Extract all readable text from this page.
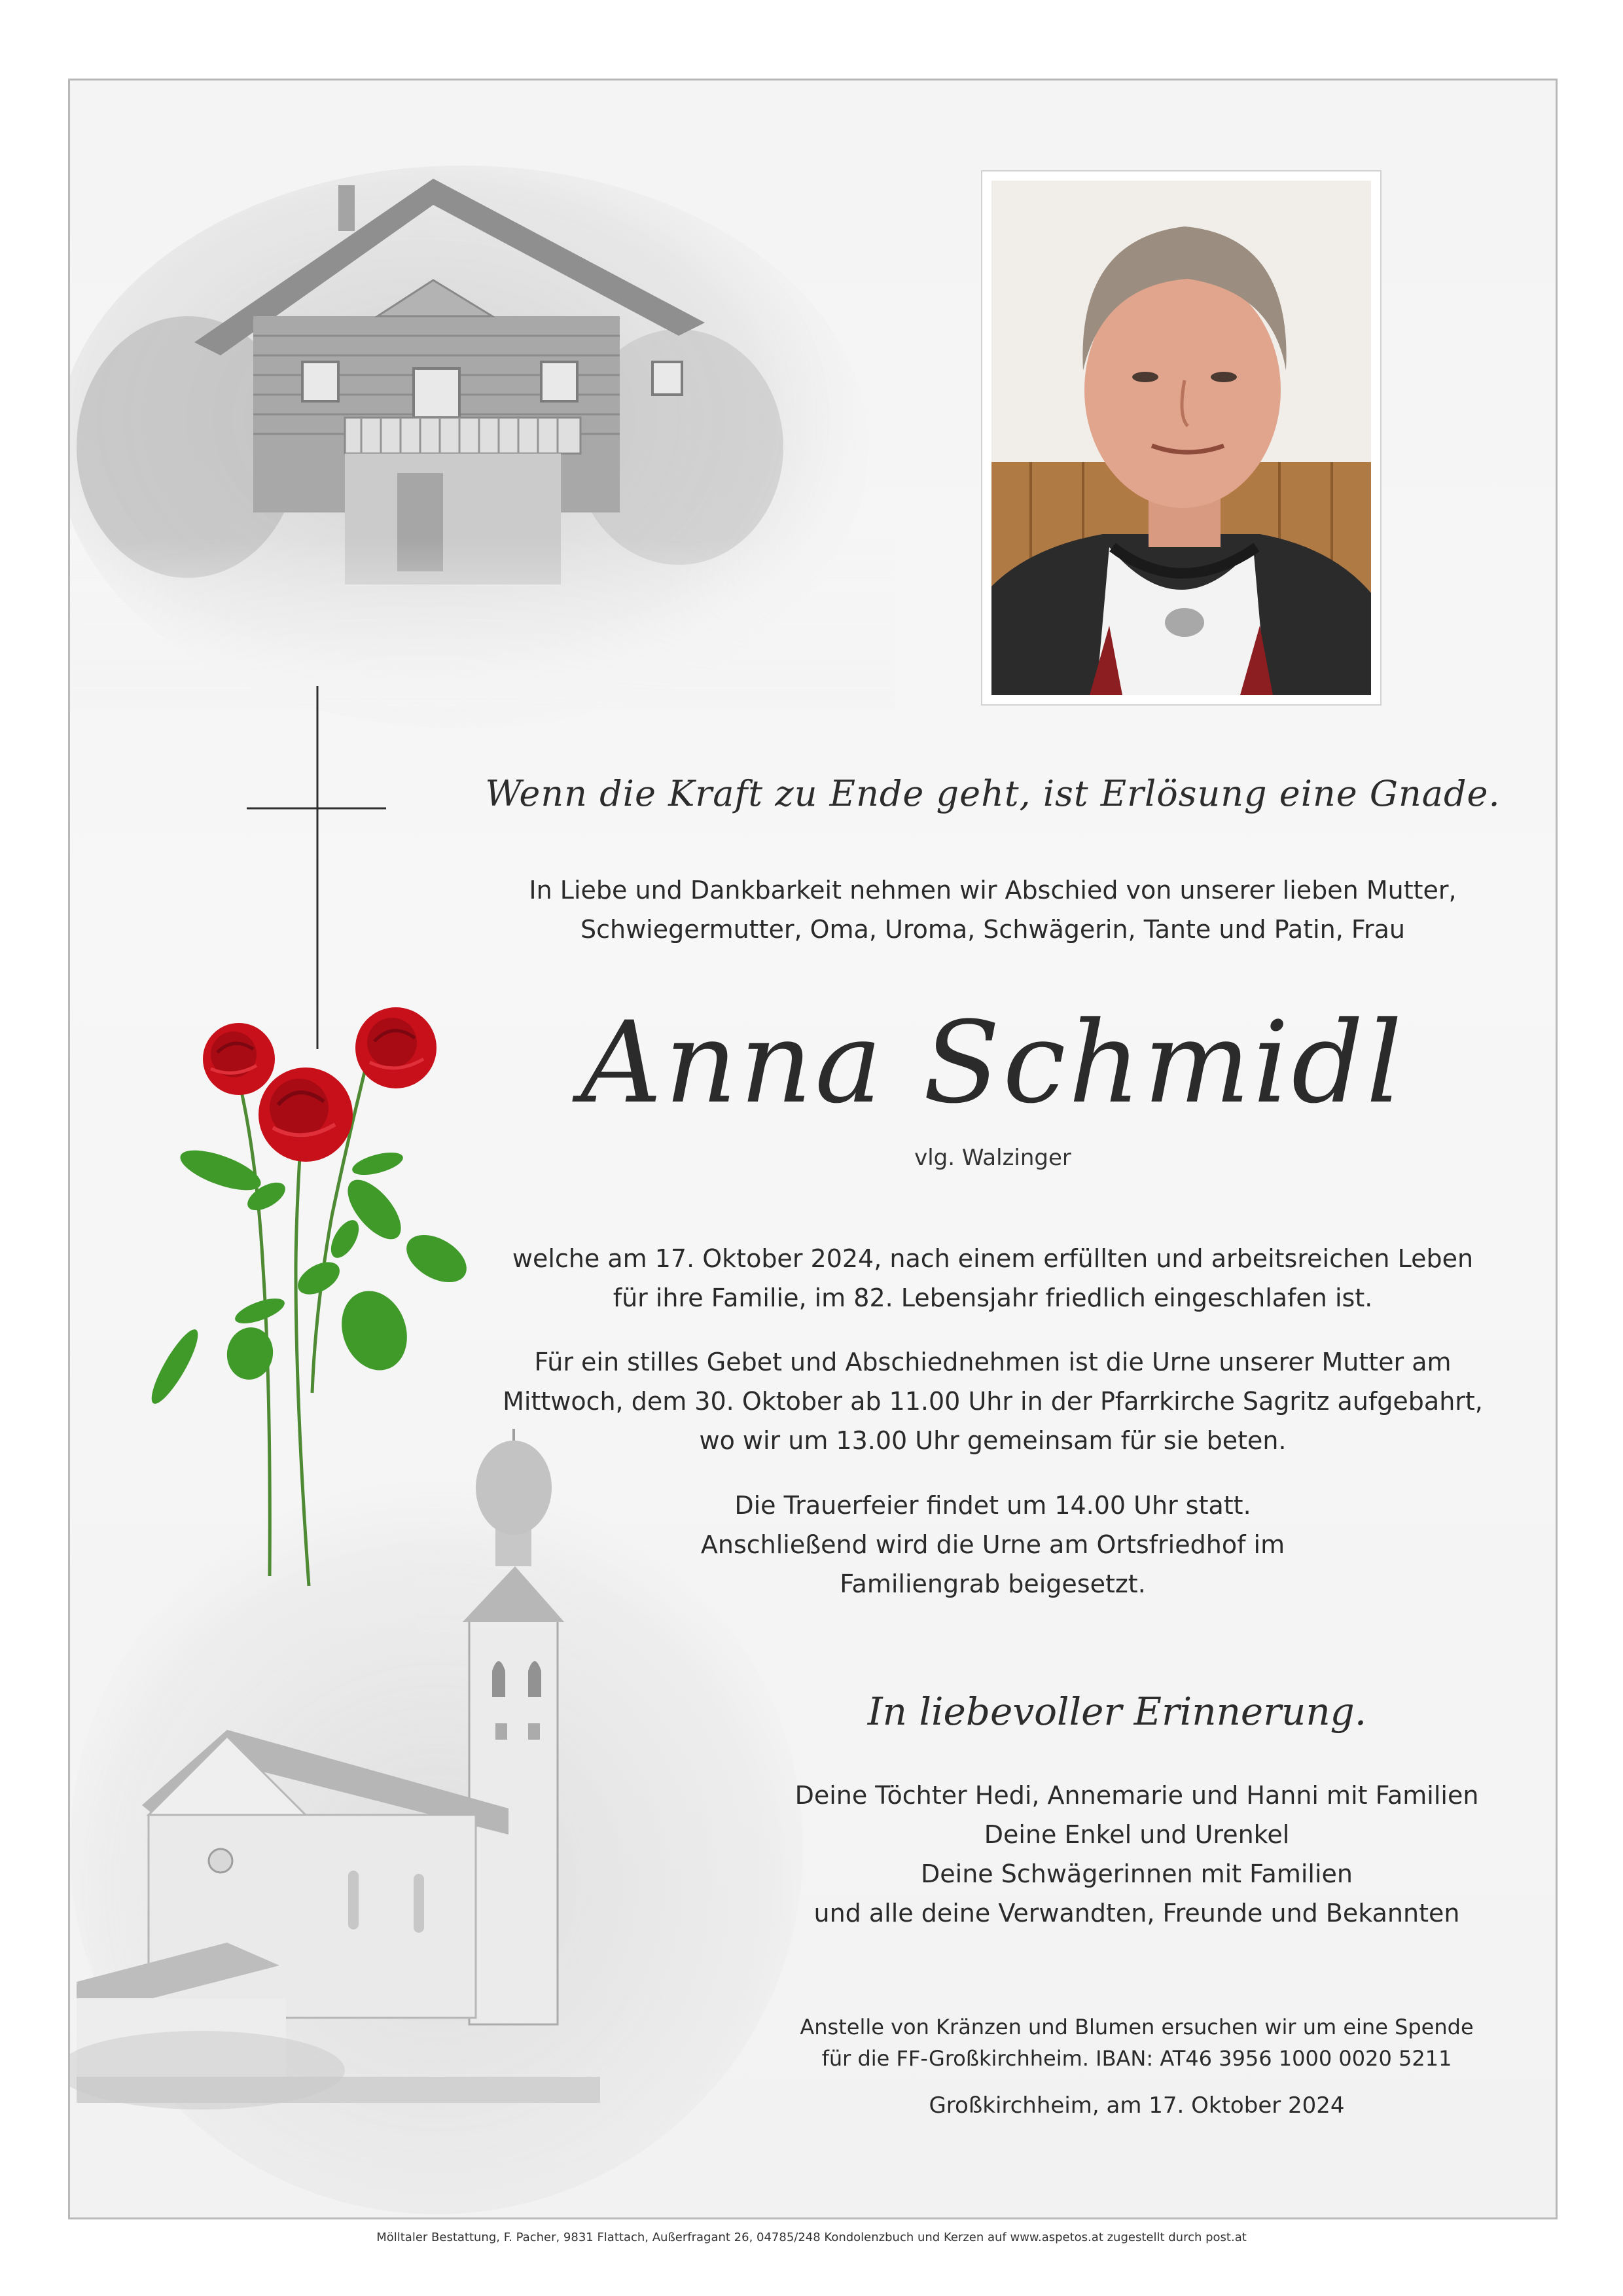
Wenn die Kraft zu Ende geht, ist Erlösung eine Gnade.
In Liebe und Dankbarkeit nehmen wir Abschied von unserer lieben Mutter,
Schwiegermutter, Oma, Uroma, Schwägerin, Tante und Patin, Frau
Anna Schmidl
vlg. Walzinger
welche am 17. Oktober 2024, nach einem erfüllten und arbeitsreichen Leben
für ihre Familie, im 82. Lebensjahr friedlich eingeschlafen ist.
Für ein stilles Gebet und Abschiednehmen ist die Urne unserer Mutter am
Mittwoch, dem 30. Oktober ab 11.00 Uhr in der Pfarrkirche Sagritz aufgebahrt,
wo wir um 13.00 Uhr gemeinsam für sie beten.
Die Trauerfeier findet um 14.00 Uhr statt.
Anschließend wird die Urne am Ortsfriedhof im
Familiengrab beigesetzt.
In liebevoller Erinnerung.
Deine Töchter Hedi, Annemarie und Hanni mit Familien
Deine Enkel und Urenkel
Deine Schwägerinnen mit Familien
und alle deine Verwandten, Freunde und Bekannten
Anstelle von Kränzen und Blumen ersuchen wir um eine Spende
für die FF-Großkirchheim. IBAN: AT46 3956 1000 0020 5211
Großkirchheim, am 17. Oktober 2024
Mölltaler Bestattung, F. Pacher, 9831 Flattach, Außerfragant 26, 04785/248 Kondolenzbuch und Kerzen auf www.aspetos.at zugestellt durch post.at
